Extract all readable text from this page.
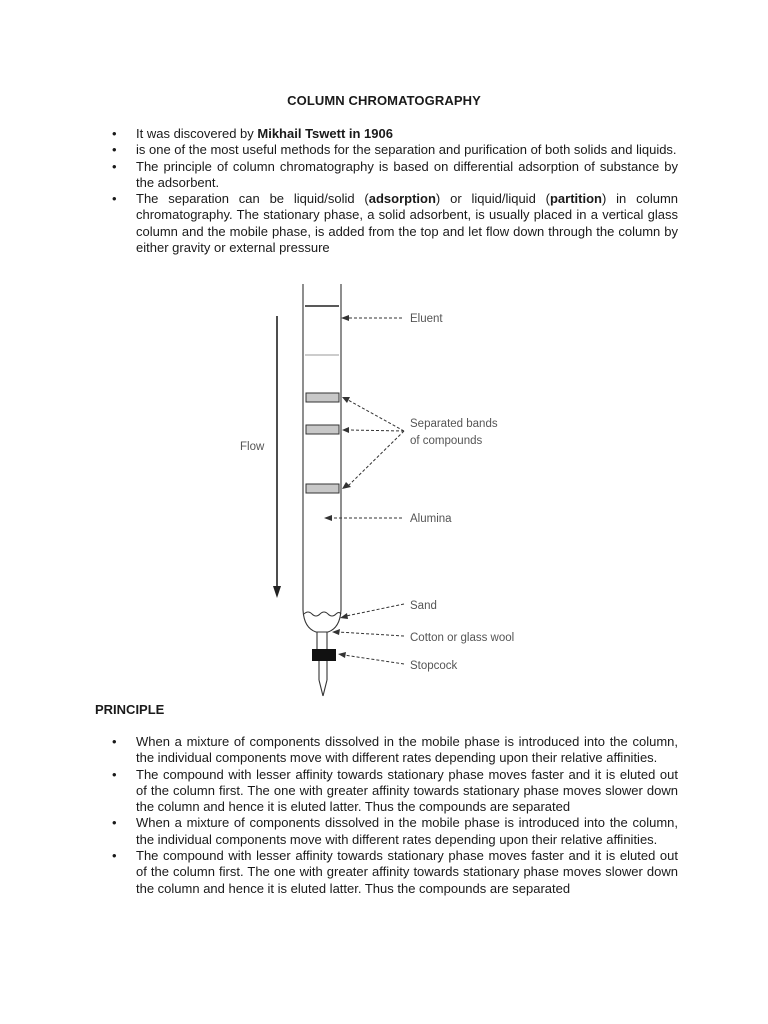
COLUMN CHROMATOGRAPHY
• It was discovered by Mikhail Tswett in 1906
• is one of the most useful methods for the separation and purification of both solids and liquids.
• The principle of column chromatography is based on differential adsorption of substance by the adsorbent.
• The separation can be liquid/solid (adsorption) or liquid/liquid (partition) in column chromatography. The stationary phase, a solid adsorbent, is usually placed in a vertical glass column and the mobile phase, is added from the top and let flow down through the column by either gravity or external pressure
Flow
Eluent
Separated bands
of compounds
Alumina
Sand
Cotton or glass wool
Stopcock
PRINCIPLE
• When a mixture of components dissolved in the mobile phase is introduced into the column, the individual components move with different rates depending upon their relative affinities.
• The compound with lesser affinity towards stationary phase moves faster and it is eluted out of the column first. The one with greater affinity towards stationary phase moves slower down the column and hence it is eluted latter. Thus the compounds are separated
• When a mixture of components dissolved in the mobile phase is introduced into the column, the individual components move with different rates depending upon their relative affinities.
• The compound with lesser affinity towards stationary phase moves faster and it is eluted out of the column first. The one with greater affinity towards stationary phase moves slower down the column and hence it is eluted latter. Thus the compounds are separated
